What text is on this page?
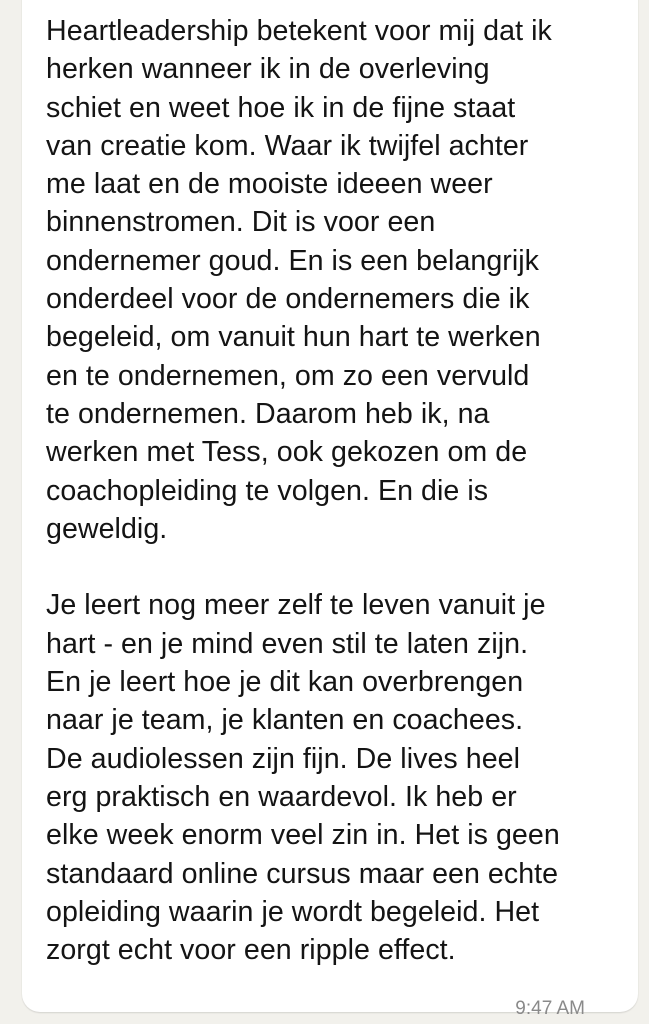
Heartleadership betekent voor mij dat ik

herken wanneer ik in de overleving

schiet en weet hoe ik in de fijne staat

van creatie kom. Waar ik twijfel achter

me laat en de mooiste ideeen weer

binnenstromen. Dit is voor een

ondernemer goud. En is een belangrijk

onderdeel voor de ondernemers die ik

begeleid, om vanuit hun hart te werken

en te ondernemen, om zo een vervuld

te ondernemen. Daarom heb ik, na

werken met Tess, ook gekozen om de

coachopleiding te volgen. En die is

geweldig.

Je leert nog meer zelf te leven vanuit je

hart - en je mind even stil te laten zijn.

En je leert hoe je dit kan overbrengen

naar je team, je klanten en coachees.

De audiolessen zijn fijn. De lives heel

erg praktisch en waardevol. Ik heb er

elke week enorm veel zin in. Het is geen

standaard online cursus maar een echte

opleiding waarin je wordt begeleid. Het

zorgt echt voor een ripple effect.

9:47 AM
